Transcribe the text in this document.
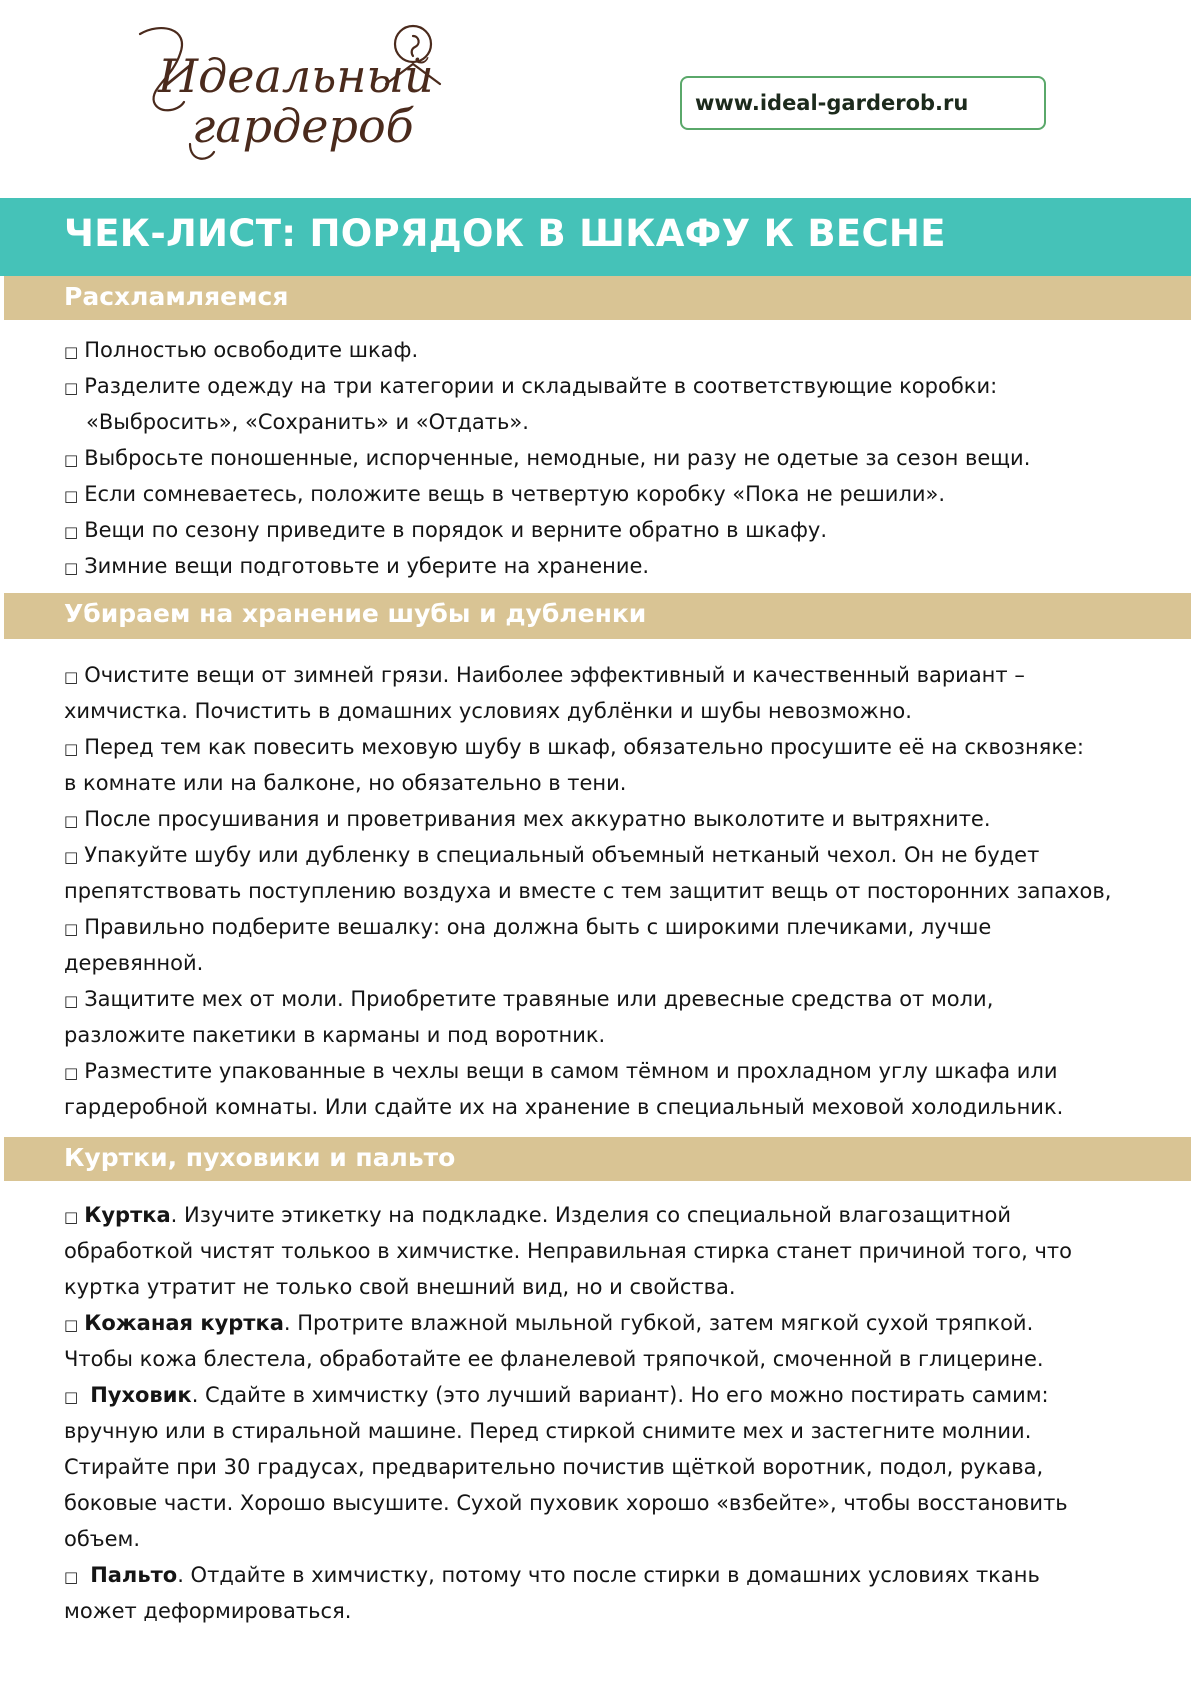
Идеальный
гардероб	www.ideal-garderob.ru
ЧЕК-ЛИСТ: ПОРЯДОК В ШКАФУ К ВЕСНЕ
Расхламляемся
□ Полностью освободите шкаф.
□ Разделите одежду на три категории и складывайте в соответствующие коробки:
«Выбросить», «Сохранить» и «Отдать».
□ Выбросьте поношенные, испорченные, немодные, ни разу не одетые за сезон вещи.
□ Если сомневаетесь, положите вещь в четвертую коробку «Пока не решили».
□ Вещи по сезону приведите в порядок и верните обратно в шкафу.
□ Зимние вещи подготовьте и уберите на хранение.
Убираем на хранение шубы и дубленки
□ Очистите вещи от зимней грязи. Наиболее эффективный и качественный вариант –
химчистка. Почистить в домашних условиях дублёнки и шубы невозможно.
□ Перед тем как повесить меховую шубу в шкаф, обязательно просушите её на сквозняке:
в комнате или на балконе, но обязательно в тени.
□ После просушивания и проветривания мех аккуратно выколотите и вытряхните.
□ Упакуйте шубу или дубленку в специальный объемный нетканый чехол. Он не будет
препятствовать поступлению воздуха и вместе с тем защитит вещь от посторонних запахов,
□ Правильно подберите вешалку: она должна быть с широкими плечиками, лучше
деревянной.
□ Защитите мех от моли. Приобретите травяные или древесные средства от моли,
разложите пакетики в карманы и под воротник.
□ Разместите упакованные в чехлы вещи в самом тёмном и прохладном углу шкафа или
гардеробной комнаты. Или сдайте их на хранение в специальный меховой холодильник.
Куртки, пуховики и пальто
□ Куртка. Изучите этикетку на подкладке. Изделия со специальной влагозащитной
обработкой чистят толькоо в химчистке. Неправильная стирка станет причиной того, что
куртка утратит не только свой внешний вид, но и свойства.
□ Кожаная куртка. Протрите влажной мыльной губкой, затем мягкой сухой тряпкой.
Чтобы кожа блестела, обработайте ее фланелевой тряпочкой, смоченной в глицерине.
□ Пуховик. Сдайте в химчистку (это лучший вариант). Но его можно постирать самим:
вручную или в стиральной машине. Перед стиркой снимите мех и застегните молнии.
Стирайте при 30 градусах, предварительно почистив щёткой воротник, подол, рукава,
боковые части. Хорошо высушите. Сухой пуховик хорошо «взбейте», чтобы восстановить
объем.
□ Пальто. Отдайте в химчистку, потому что после стирки в домашних условиях ткань
может деформироваться.
